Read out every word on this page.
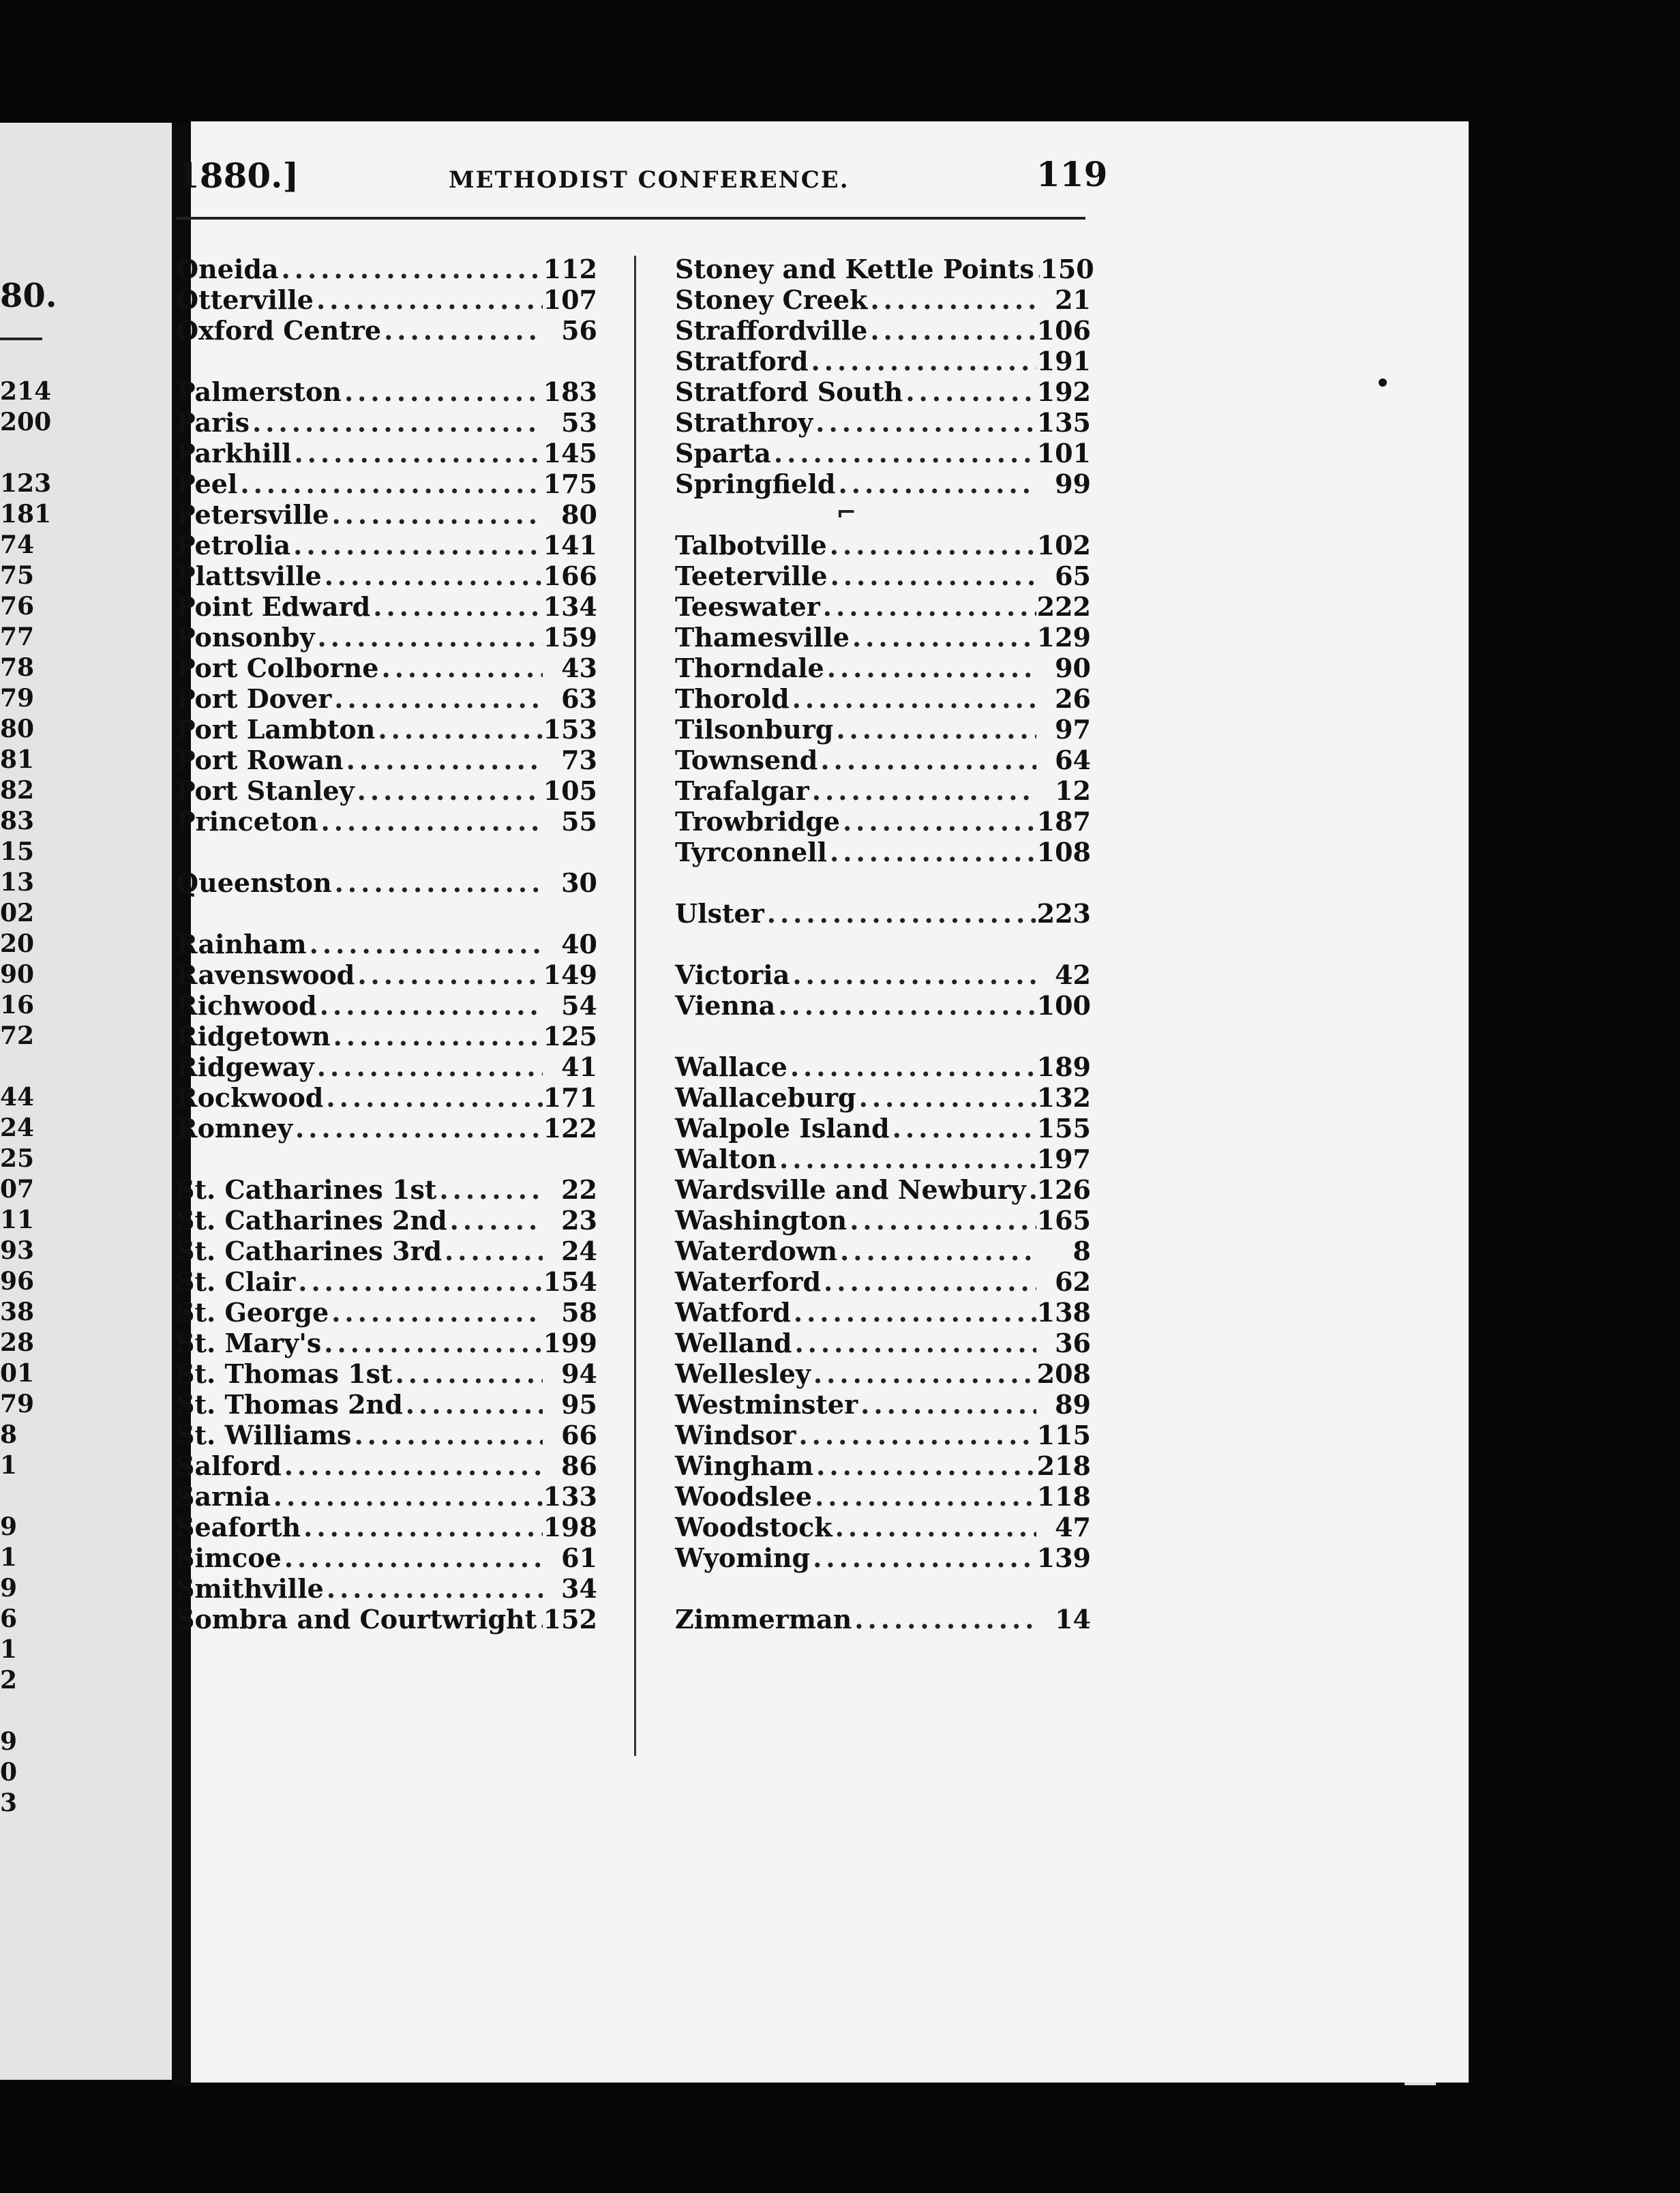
80.
214
200
123
181
74
75
76
77
78
79
80
81
82
83
15
13
02
20
90
16
72
44
24
25
07
11
93
96
38
28
01
79
8
1
9
1
9
6
1
2
9
0
3
1880.]	METHODIST CONFERENCE.	119
Oneida .....	112
Otterville .....	107
Oxford Centre .....	56
Palmerston .....	183
Paris .....	53
Parkhill .....	145
Peel .....	175
Petersville .....	80
Petrolia .....	141
Plattsville .....	166
Point Edward .....	134
Ponsonby .....	159
Port Colborne .....	43
Port Dover .....	63
Port Lambton .....	153
Port Rowan .....	73
Port Stanley .....	105
Princeton .....	55
Queenston .....	30
Rainham .....	40
Ravenswood .....	149
Richwood .....	54
Ridgetown .....	125
Ridgeway .....	41
Rockwood .....	171
Romney .....	122
St. Catharines 1st .....	22
St. Catharines 2nd .....	23
St. Catharines 3rd .....	24
St. Clair .....	154
St. George .....	58
St. Mary's .....	199
St. Thomas 1st .....	94
St. Thomas 2nd .....	95
St. Williams .....	66
Salford .....	86
Sarnia .....	133
Seaforth .....	198
Simcoe .....	61
Smithville .....	34
Sombra and Courtwright ..... 152
Stoney and Kettle Points ..... 150
Stoney Creek .....	21
Straffordville .....	106
Stratford .....	191
Stratford South .....	192
Strathroy .....	135
Sparta .....	101
Springfield .....	99
Talbotville .....	102
Teeterville .....	65
Teeswater .....	222
Thamesville .....	129
Thorndale .....	90
Thorold .....	26
Tilsonburg .....	97
Townsend .....	64
Trafalgar .....	12
Trowbridge .....	187
Tyrconnell .....	108
Ulster .....	223
Victoria .....	42
Vienna .....	100
Wallace .....	189
Wallaceburg .....	132
Walpole Island .....	155
Walton .....	197
Wardsville and Newbury ..... 126
Washington .....	165
Waterdown .....	8
Waterford .....	62
Watford .....	138
Welland .....	36
Wellesley .....	208
Westminster .....	89
Windsor .....	115
Wingham .....	218
Woodslee .....	118
Woodstock .....	47
Wyoming .....	139
Zimmerman .....	14
⌐
